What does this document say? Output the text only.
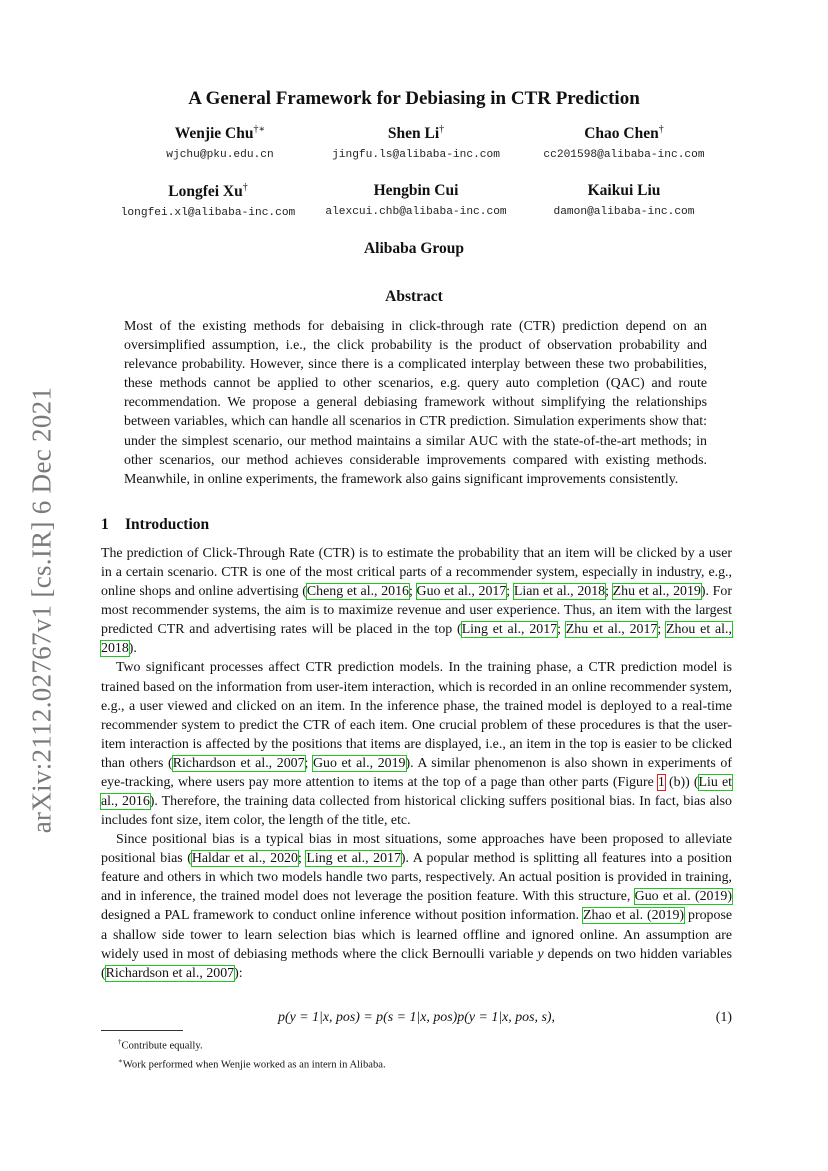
arXiv:2112.02767v1 [cs.IR] 6 Dec 2021
A General Framework for Debiasing in CTR Prediction
Wenjie Chu†∗
wjchu@pku.edu.cn
Shen Li†
jingfu.ls@alibaba-inc.com
Chao Chen†
cc201598@alibaba-inc.com
Longfei Xu†
longfei.xl@alibaba-inc.com
Hengbin Cui
alexcui.chb@alibaba-inc.com
Kaikui Liu
damon@alibaba-inc.com
Alibaba Group
Abstract
Most of the existing methods for debaising in click-through rate (CTR) prediction depend on an oversimplified assumption, i.e., the click probability is the product of observation probability and relevance probability. However, since there is a complicated interplay between these two probabilities, these methods cannot be applied to other scenarios, e.g. query auto completion (QAC) and route recommendation. We propose a general debiasing framework without simplifying the relationships between variables, which can handle all scenarios in CTR prediction. Simulation experiments show that: under the simplest scenario, our method maintains a similar AUC with the state-of-the-art methods; in other scenarios, our method achieves considerable improvements compared with existing methods. Meanwhile, in online experiments, the framework also gains significant improvements consistently.
1 Introduction

The prediction of Click-Through Rate (CTR) is to estimate the probability that an item will be clicked by a user in a certain scenario. CTR is one of the most critical parts of a recommender system, especially in industry, e.g., online shops and online advertising (Cheng et al., 2016; Guo et al., 2017; Lian et al., 2018; Zhu et al., 2019). For most recommender systems, the aim is to maximize revenue and user experience. Thus, an item with the largest predicted CTR and advertising rates will be placed in the top (Ling et al., 2017; Zhu et al., 2017; Zhou et al., 2018).

Two significant processes affect CTR prediction models. In the training phase, a CTR prediction model is trained based on the information from user-item interaction, which is recorded in an online recommender system, e.g., a user viewed and clicked on an item. In the inference phase, the trained model is deployed to a real-time recommender system to predict the CTR of each item. One crucial problem of these procedures is that the user-item interaction is affected by the positions that items are displayed, i.e., an item in the top is easier to be clicked than others (Richardson et al., 2007; Guo et al., 2019). A similar phenomenon is also shown in experiments of eye-tracking, where users pay more attention to items at the top of a page than other parts (Figure 1 (b)) (Liu et al., 2016). Therefore, the training data collected from historical clicking suffers positional bias. In fact, bias also includes font size, item color, the length of the title, etc.

Since positional bias is a typical bias in most situations, some approaches have been proposed to alleviate positional bias (Haldar et al., 2020; Ling et al., 2017). A popular method is splitting all features into a position feature and others in which two models handle two parts, respectively. An actual position is provided in training, and in inference, the trained model does not leverage the position feature. With this structure, Guo et al. (2019) designed a PAL framework to conduct online inference without position information. Zhao et al. (2019) propose a shallow side tower to learn selection bias which is learned offline and ignored online. An assumption are widely used in most of debiasing methods where the click Bernoulli variable y depends on two hidden variables (Richardson et al., 2007):

p(y = 1|x, pos) = p(s = 1|x, pos)p(y = 1|x, pos, s),	(1)
†Contribute equally.
∗Work performed when Wenjie worked as an intern in Alibaba.
